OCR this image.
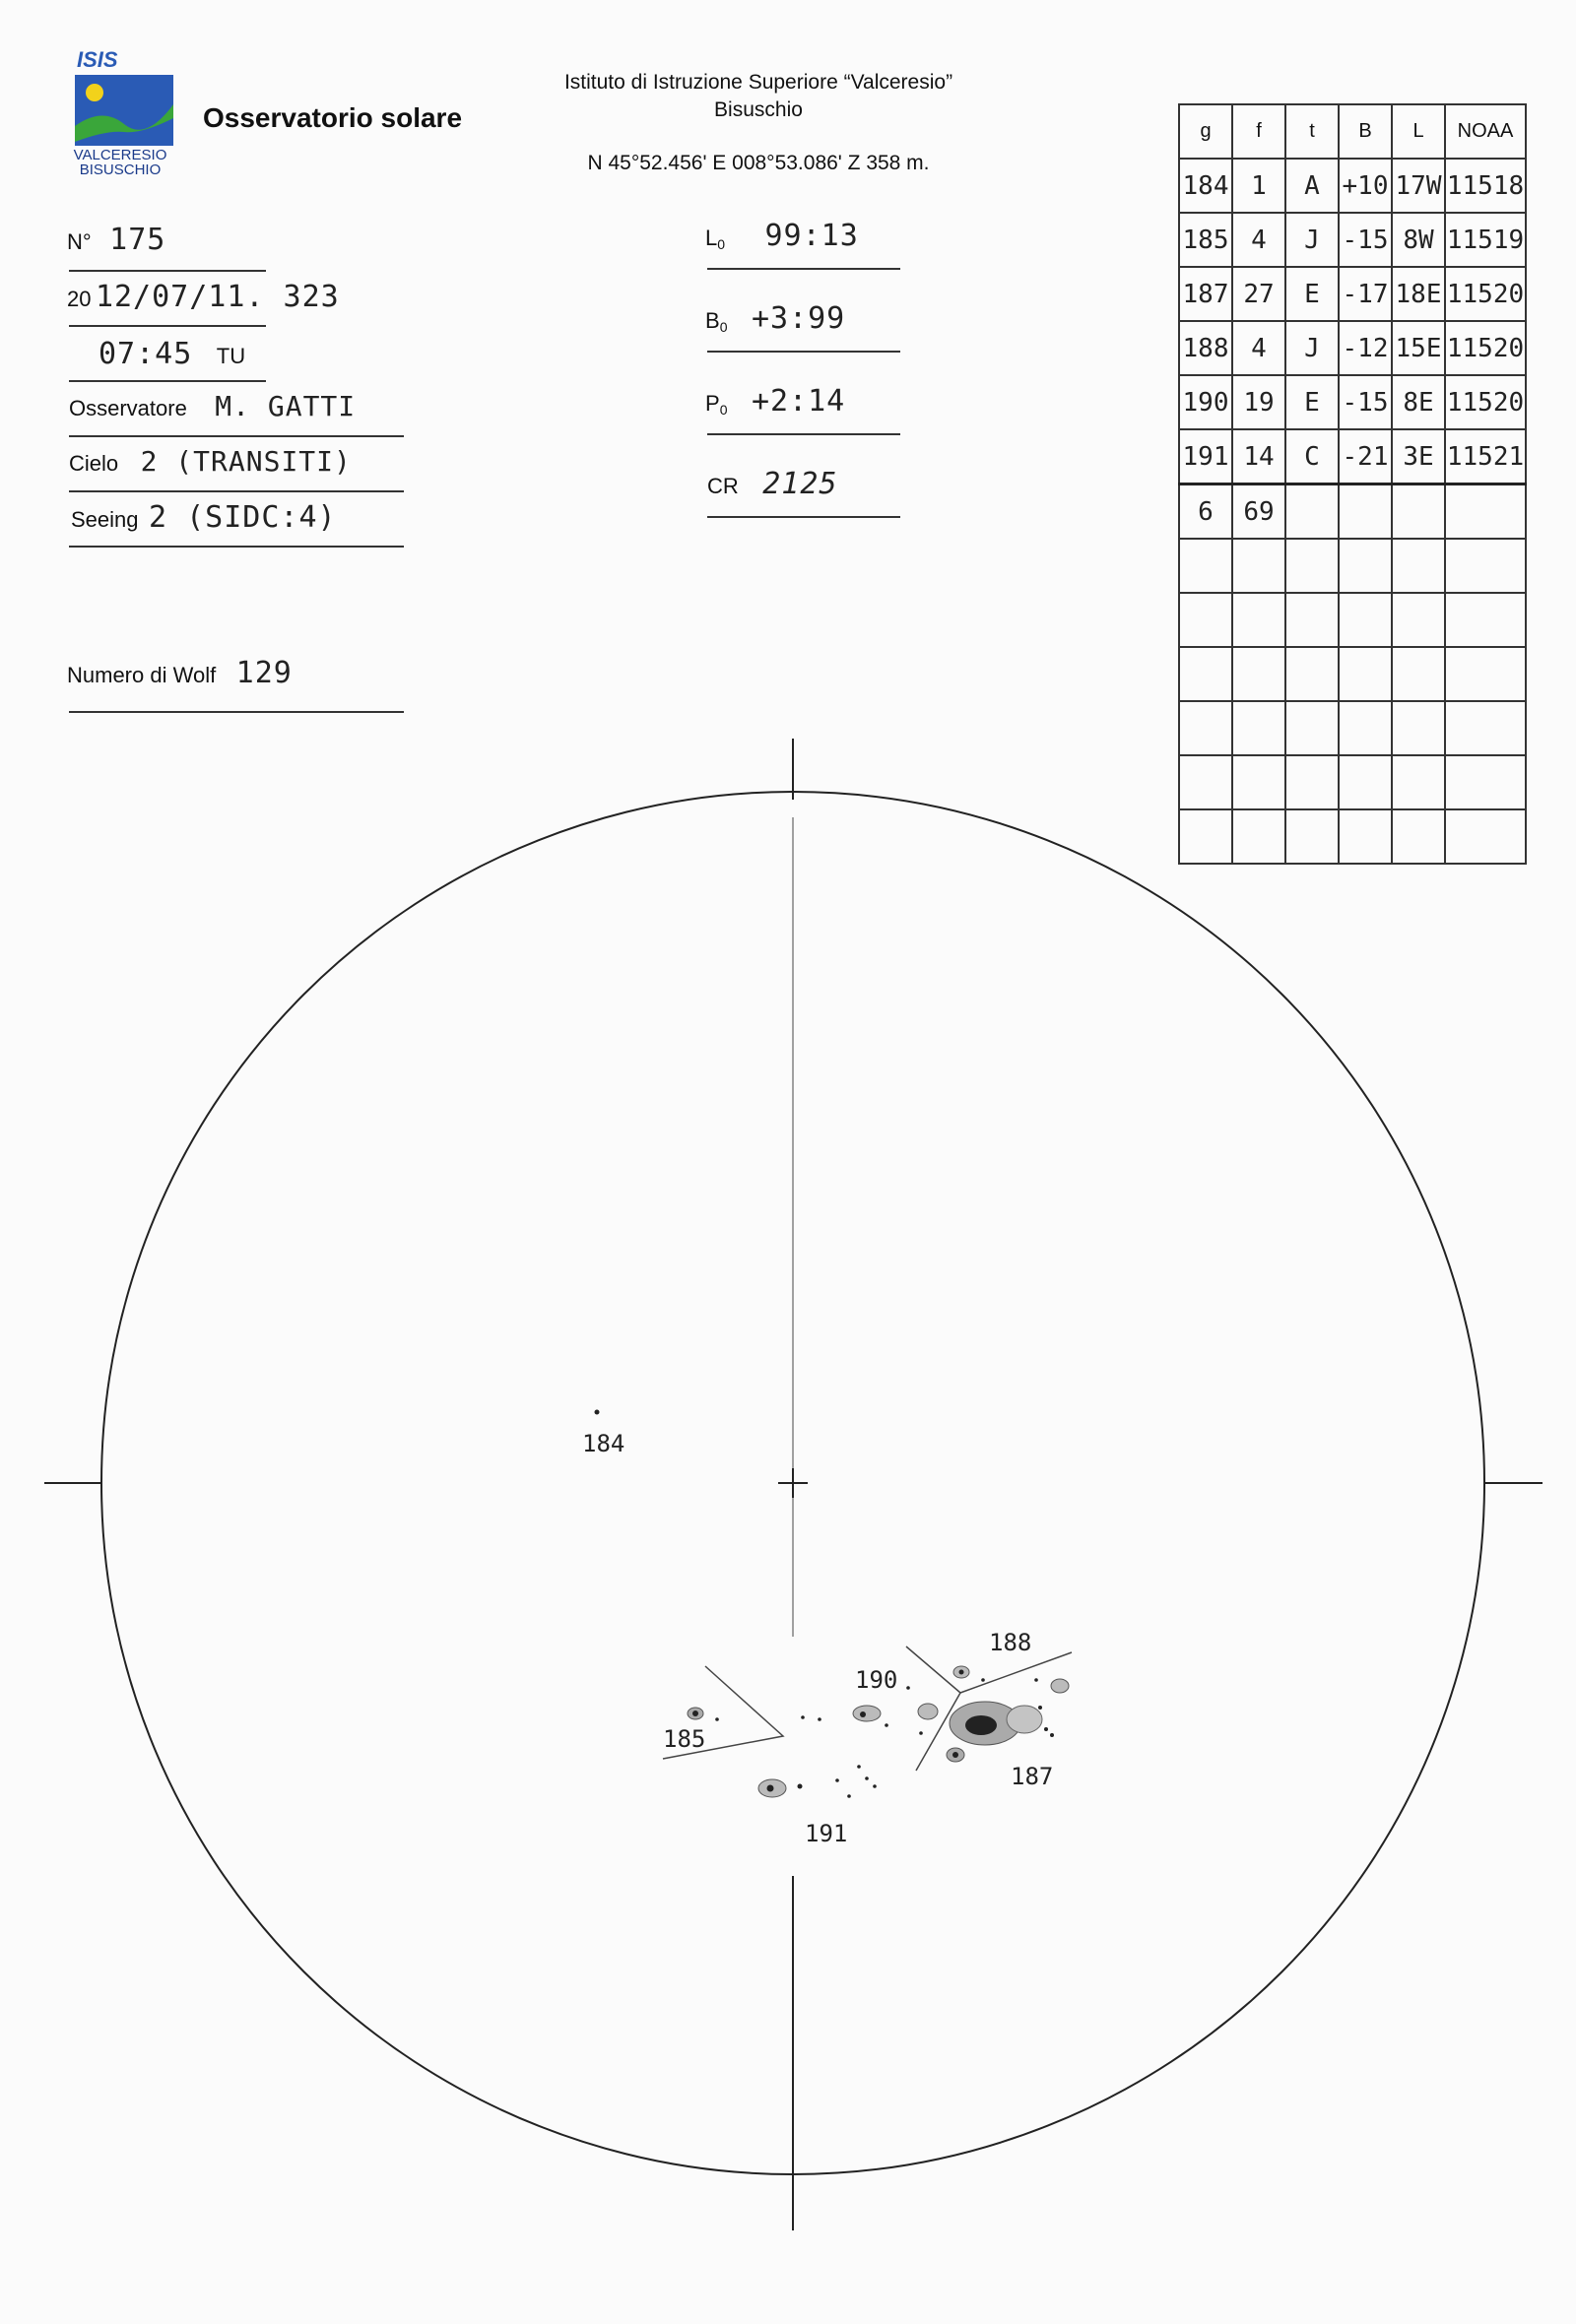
ISIS
VALCERESIO
BISUSCHIO
Osservatorio solare
Istituto di Istruzione Superiore “Valceresio”
Bisuschio
N 45°52.456' E 008°53.086' Z 358 m.
N° 175
20 12/07/11. 323
07:45 TU
Osservatore M. GATTI
Cielo 2 (TRANSITI)
Seeing 2 (SIDC:4)
Numero di Wolf 129
$L_0$ 99:13
$B_0$ +3:99
$P_0$ +2:14
CR 2125
g	f	t	B	L	NOAA
184	1	A	+10	17W	11518
185	4	J	-15	8W	11519
187	27	E	-17	18E	11520
188	4	J	-12	15E	11520
190	19	E	-15	8E	11520
191	14	C	-21	3E	11521
6	69				

184
185
190
188
187
191
